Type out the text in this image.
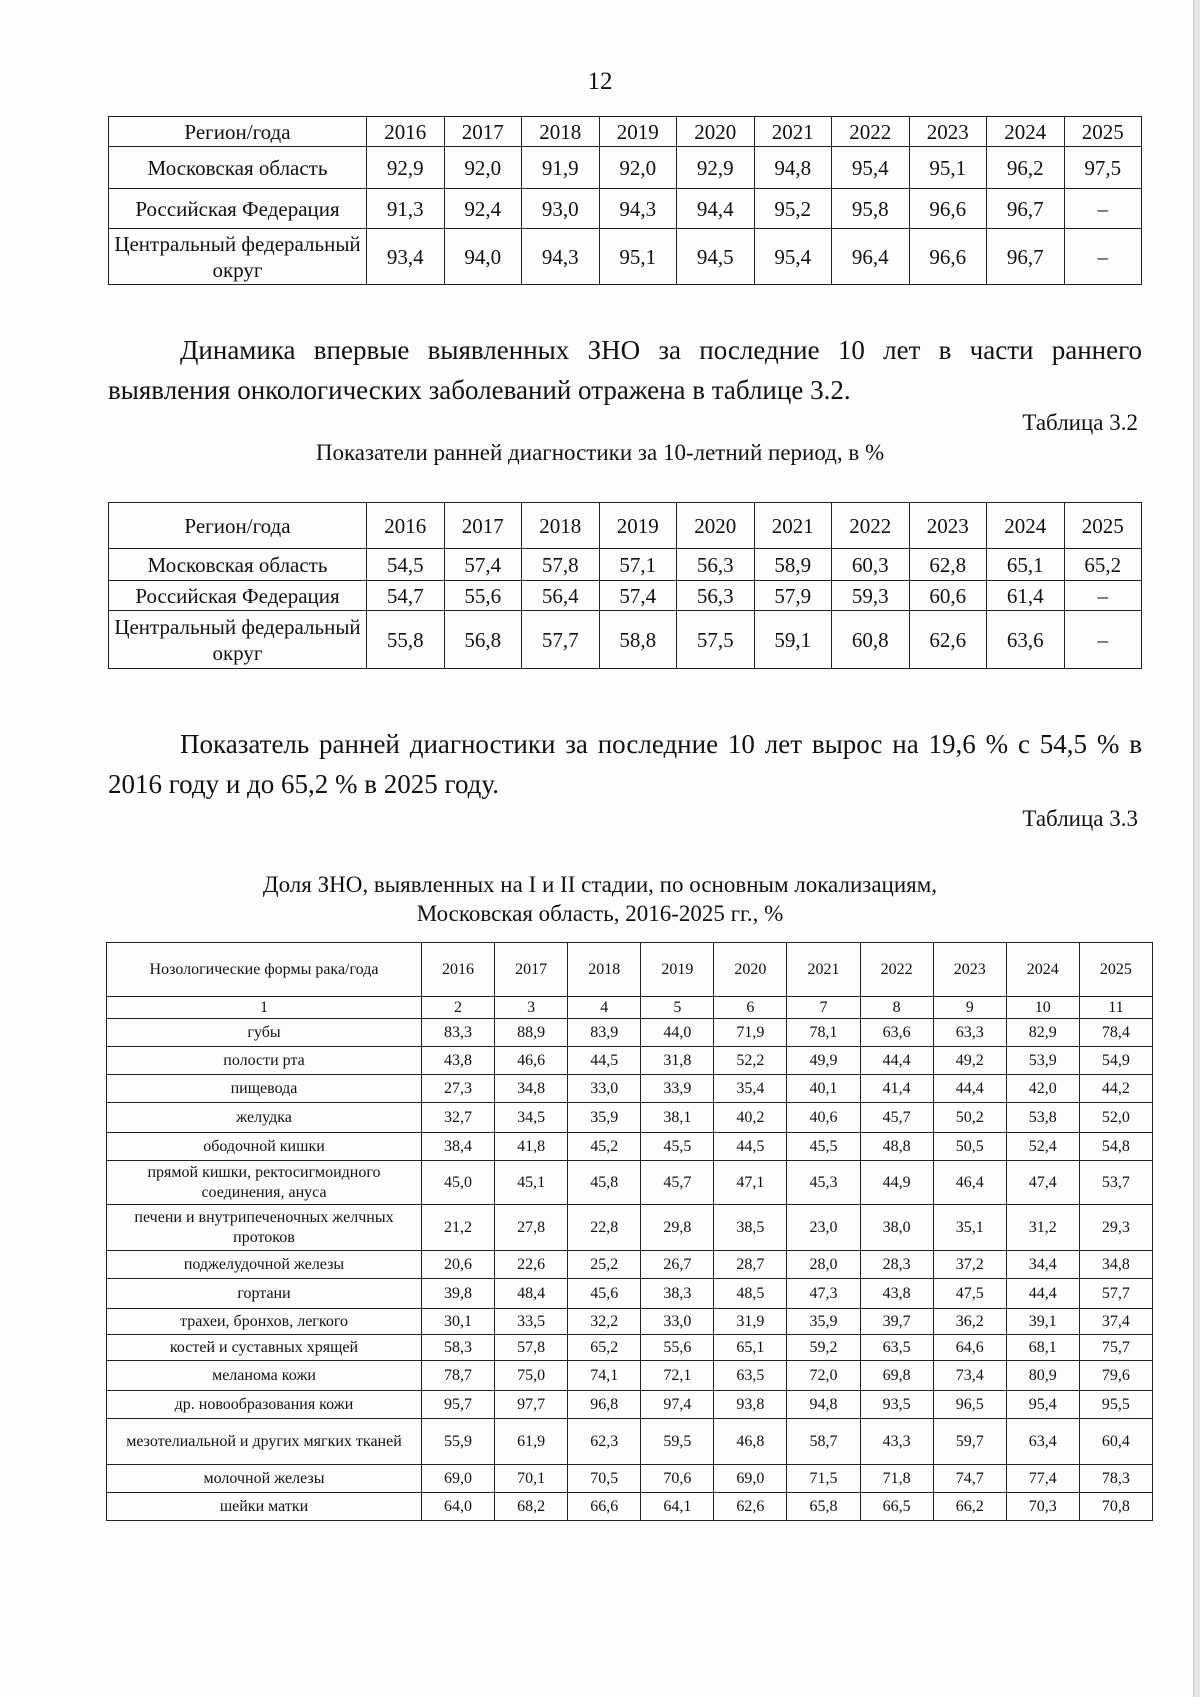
12
Регион/года	2016	2017	2018	2019	2020	2021	2022	2023	2024	2025
Московская область	92,9	92,0	91,9	92,0	92,9	94,8	95,4	95,1	96,2	97,5
Российская Федерация	91,3	92,4	93,0	94,3	94,4	95,2	95,8	96,6	96,7	–
Центральный федеральный округ	93,4	94,0	94,3	95,1	94,5	95,4	96,4	96,6	96,7	–
Динамика впервые выявленных ЗНО за последние 10 лет в части раннего выявления онкологических заболеваний отражена в таблице 3.2.
Таблица 3.2
Показатели ранней диагностики за 10-летний период, в %
Регион/года	2016	2017	2018	2019	2020	2021	2022	2023	2024	2025
Московская область	54,5	57,4	57,8	57,1	56,3	58,9	60,3	62,8	65,1	65,2
Российская Федерация	54,7	55,6	56,4	57,4	56,3	57,9	59,3	60,6	61,4	–
Центральный федеральный округ	55,8	56,8	57,7	58,8	57,5	59,1	60,8	62,6	63,6	–
Показатель ранней диагностики за последние 10 лет вырос на 19,6 % с 54,5 % в 2016 году и до 65,2 % в 2025 году.
Таблица 3.3
Доля ЗНО, выявленных на I и II стадии, по основным локализациям,
Московская область, 2016-2025 гг., %
Нозологические формы рака/года	2016	2017	2018	2019	2020	2021	2022	2023	2024	2025
1	2	3	4	5	6	7	8	9	10	11
губы	83,3	88,9	83,9	44,0	71,9	78,1	63,6	63,3	82,9	78,4
полости рта	43,8	46,6	44,5	31,8	52,2	49,9	44,4	49,2	53,9	54,9
пищевода	27,3	34,8	33,0	33,9	35,4	40,1	41,4	44,4	42,0	44,2
желудка	32,7	34,5	35,9	38,1	40,2	40,6	45,7	50,2	53,8	52,0
ободочной кишки	38,4	41,8	45,2	45,5	44,5	45,5	48,8	50,5	52,4	54,8
прямой кишки, ректосигмоидного соединения, ануса	45,0	45,1	45,8	45,7	47,1	45,3	44,9	46,4	47,4	53,7
печени и внутрипеченочных желчных протоков	21,2	27,8	22,8	29,8	38,5	23,0	38,0	35,1	31,2	29,3
поджелудочной железы	20,6	22,6	25,2	26,7	28,7	28,0	28,3	37,2	34,4	34,8
гортани	39,8	48,4	45,6	38,3	48,5	47,3	43,8	47,5	44,4	57,7
трахеи, бронхов, легкого	30,1	33,5	32,2	33,0	31,9	35,9	39,7	36,2	39,1	37,4
костей и суставных хрящей	58,3	57,8	65,2	55,6	65,1	59,2	63,5	64,6	68,1	75,7
меланома кожи	78,7	75,0	74,1	72,1	63,5	72,0	69,8	73,4	80,9	79,6
др. новообразования кожи	95,7	97,7	96,8	97,4	93,8	94,8	93,5	96,5	95,4	95,5
мезотелиальной и других мягких тканей	55,9	61,9	62,3	59,5	46,8	58,7	43,3	59,7	63,4	60,4
молочной железы	69,0	70,1	70,5	70,6	69,0	71,5	71,8	74,7	77,4	78,3
шейки матки	64,0	68,2	66,6	64,1	62,6	65,8	66,5	66,2	70,3	70,8
